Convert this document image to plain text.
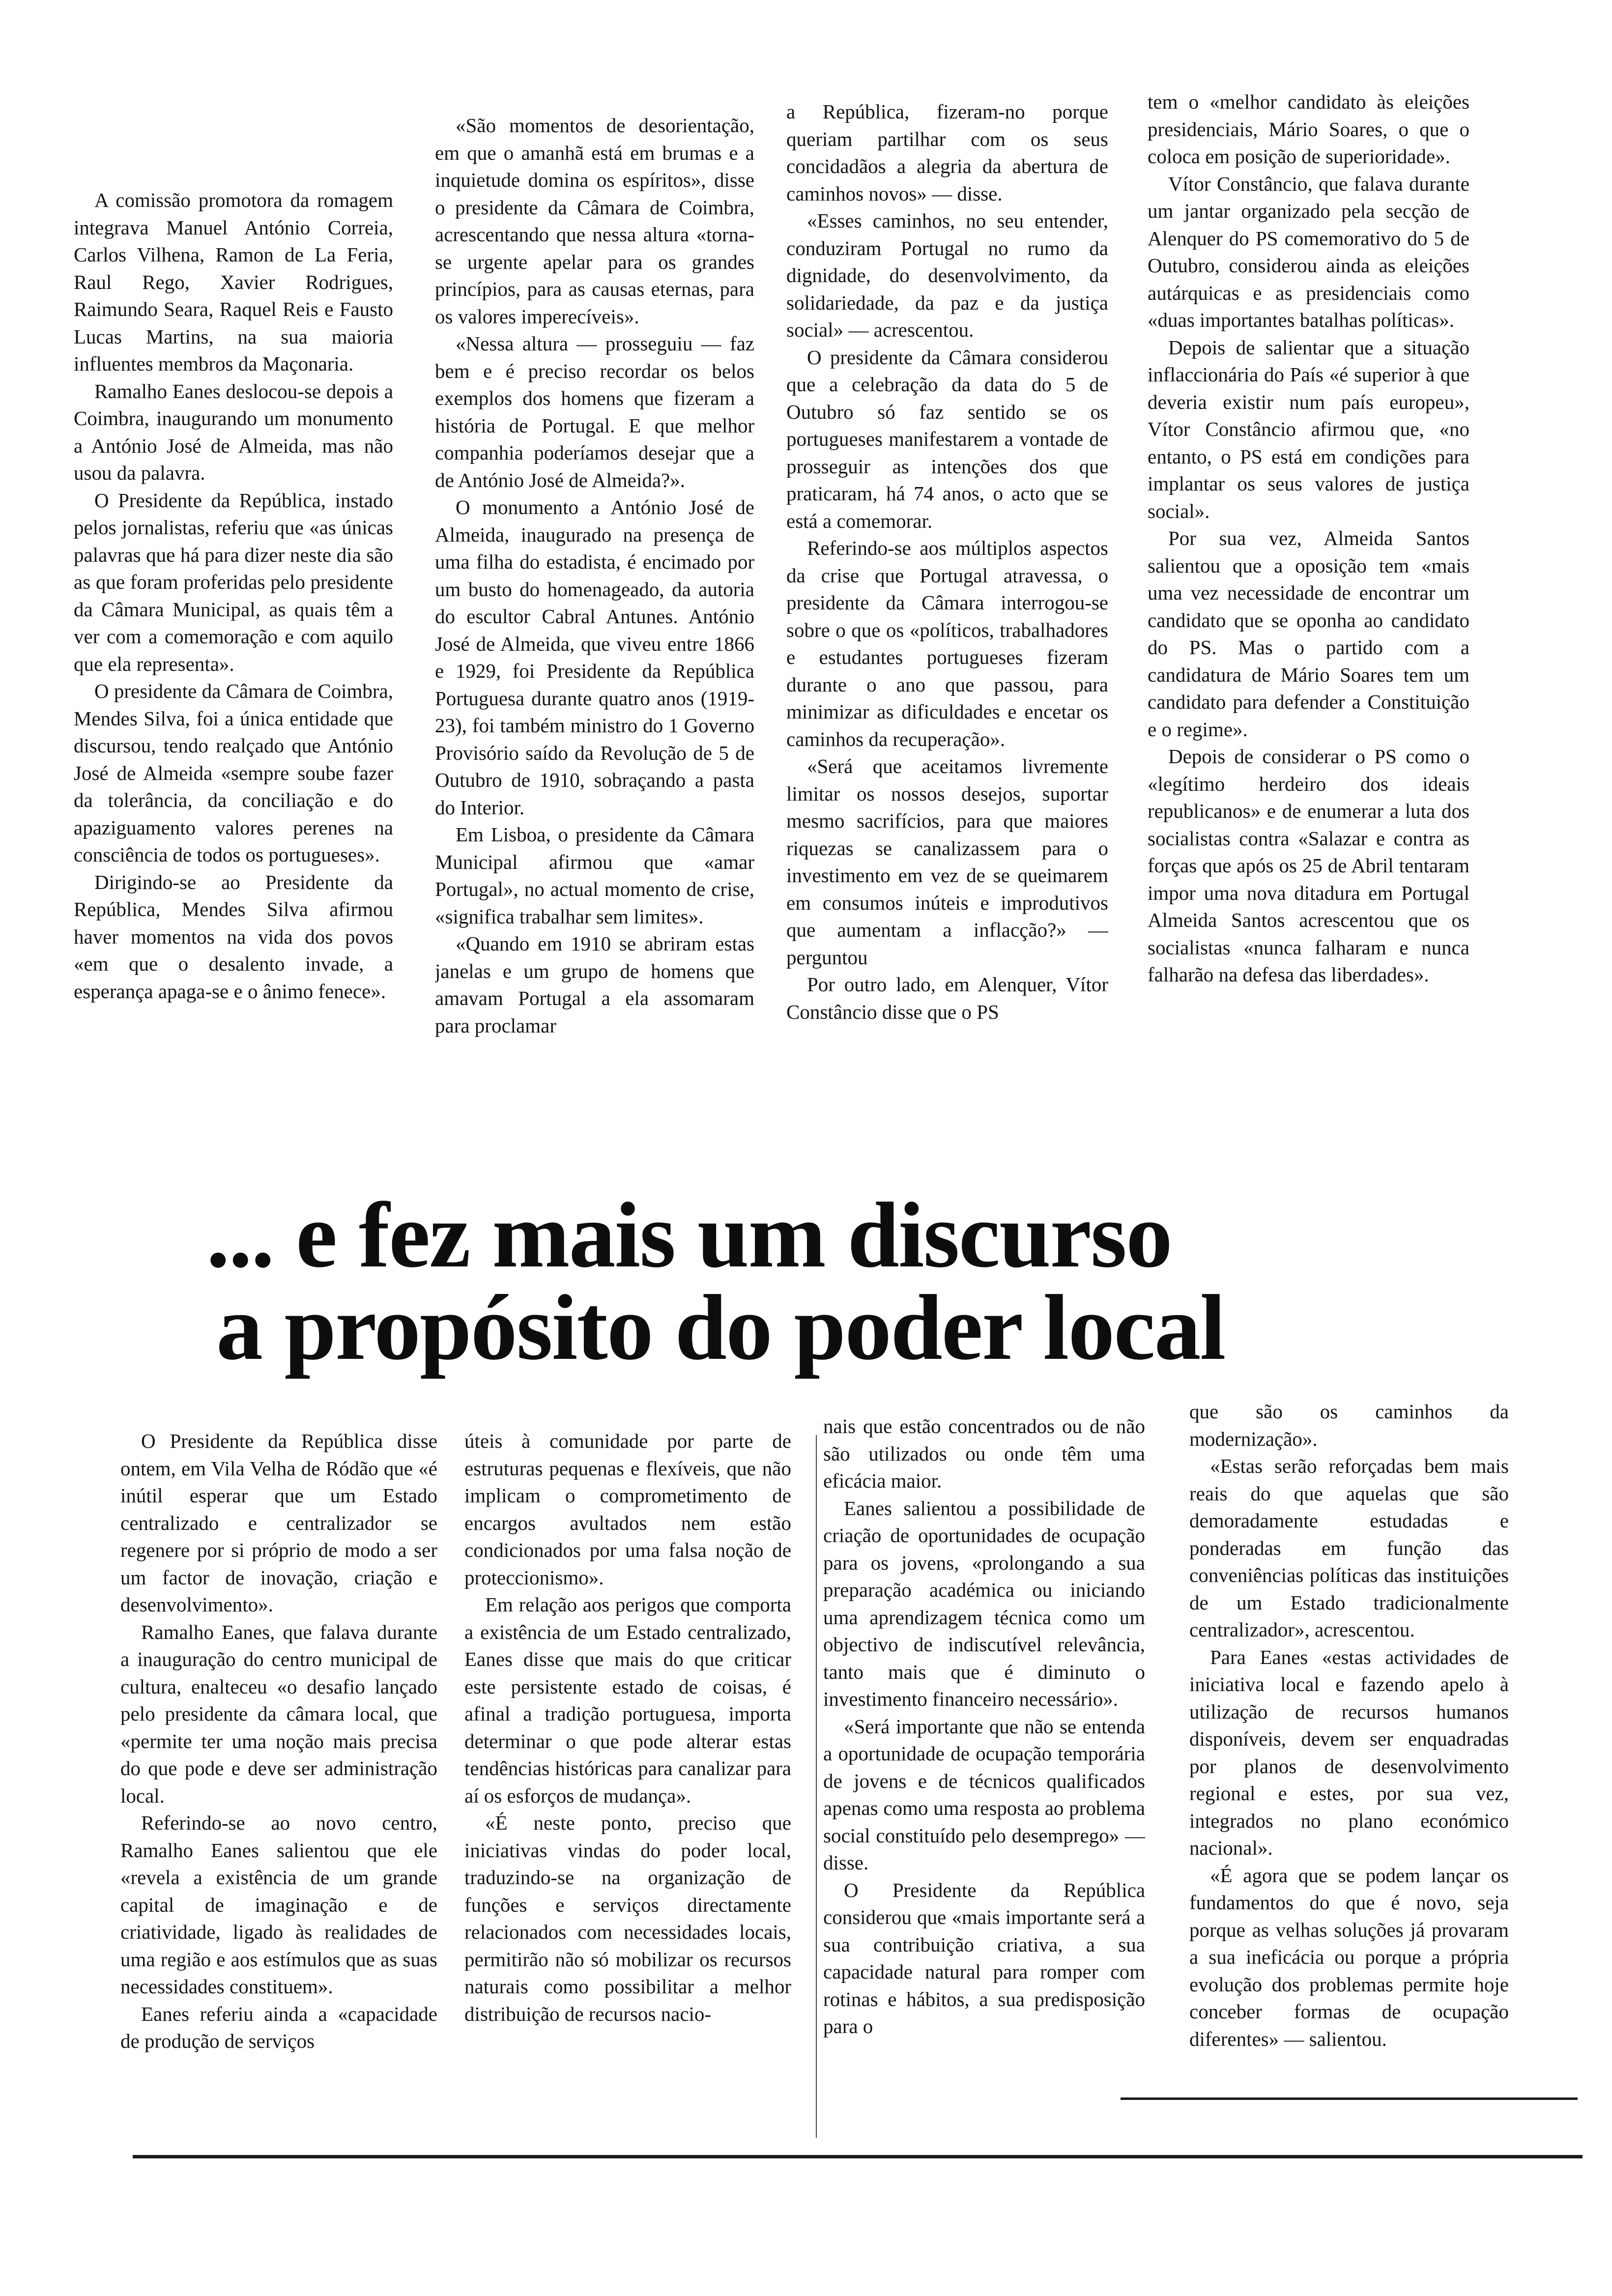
A comissão promotora da romagem integrava Manuel António Correia, Carlos Vilhena, Ramon de La Feria, Raul Rego, Xavier Rodrigues, Raimundo Seara, Raquel Reis e Fausto Lucas Martins, na sua maioria influentes membros da Maçonaria.

Ramalho Eanes deslocou-se depois a Coimbra, inaugurando um monumento a António José de Almeida, mas não usou da palavra.

O Presidente da República, instado pelos jornalistas, referiu que «as únicas palavras que há para dizer neste dia são as que foram proferidas pelo presidente da Câmara Municipal, as quais têm a ver com a comemoração e com aquilo que ela representa».

O presidente da Câmara de Coimbra, Mendes Silva, foi a única entidade que discursou, tendo realçado que António José de Almeida «sempre soube fazer da tolerância, da conciliação e do apaziguamento valores perenes na consciência de todos os portugueses».

Dirigindo-se ao Presidente da República, Mendes Silva afirmou haver momentos na vida dos povos «em que o desalento invade, a esperança apaga-se e o ânimo fenece».

«São momentos de desorientação, em que o amanhã está em brumas e a inquietude domina os espíritos», disse o presidente da Câmara de Coimbra, acrescentando que nessa altura «torna-se urgente apelar para os grandes princípios, para as causas eternas, para os valores imperecíveis».

«Nessa altura — prosseguiu — faz bem e é preciso recordar os belos exemplos dos homens que fizeram a história de Portugal. E que melhor companhia poderíamos desejar que a de António José de Almeida?».

O monumento a António José de Almeida, inaugurado na presença de uma filha do estadista, é encimado por um busto do homenageado, da autoria do escultor Cabral Antunes. António José de Almeida, que viveu entre 1866 e 1929, foi Presidente da República Portuguesa durante quatro anos (1919-23), foi também ministro do 1 Governo Provisório saído da Revolução de 5 de Outubro de 1910, sobraçando a pasta do Interior.

Em Lisboa, o presidente da Câmara Municipal afirmou que «amar Portugal», no actual momento de crise, «significa trabalhar sem limites».

«Quando em 1910 se abriram estas janelas e um grupo de homens que amavam Portugal a ela assomaram para proclamar

a República, fizeram-no porque queriam partilhar com os seus concidadãos a alegria da abertura de caminhos novos» — disse.

«Esses caminhos, no seu entender, conduziram Portugal no rumo da dignidade, do desenvolvimento, da solidariedade, da paz e da justiça social» — acrescentou.

O presidente da Câmara considerou que a celebração da data do 5 de Outubro só faz sentido se os portugueses manifestarem a vontade de prosseguir as intenções dos que praticaram, há 74 anos, o acto que se está a comemorar.

Referindo-se aos múltiplos aspectos da crise que Portugal atravessa, o presidente da Câmara interrogou-se sobre o que os «políticos, trabalhadores e estudantes portugueses fizeram durante o ano que passou, para minimizar as dificuldades e encetar os caminhos da recuperação».

«Será que aceitamos livremente limitar os nossos desejos, suportar mesmo sacrifícios, para que maiores riquezas se canalizassem para o investimento em vez de se queimarem em consumos inúteis e improdutivos que aumentam a inflacção?» — perguntou

Por outro lado, em Alenquer, Vítor Constâncio disse que o PS

tem o «melhor candidato às eleições presidenciais, Mário Soares, o que o coloca em posição de superioridade».

Vítor Constâncio, que falava durante um jantar organizado pela secção de Alenquer do PS comemorativo do 5 de Outubro, considerou ainda as eleições autárquicas e as presidenciais como «duas importantes batalhas políticas».

Depois de salientar que a situação inflaccionária do País «é superior à que deveria existir num país europeu», Vítor Constâncio afirmou que, «no entanto, o PS está em condições para implantar os seus valores de justiça social».

Por sua vez, Almeida Santos salientou que a oposição tem «mais uma vez necessidade de encontrar um candidato que se oponha ao candidato do PS. Mas o partido com a candidatura de Mário Soares tem um candidato para defender a Constituição e o regime».

Depois de considerar o PS como o «legítimo herdeiro dos ideais republicanos» e de enumerar a luta dos socialistas contra «Salazar e contra as forças que após os 25 de Abril tentaram impor uma nova ditadura em Portugal Almeida Santos acrescentou que os socialistas «nunca falharam e nunca falharão na defesa das liberdades».

... e fez mais um discurso
a propósito do poder local

O Presidente da República disse ontem, em Vila Velha de Ródão que «é inútil esperar que um Estado centralizado e centralizador se regenere por si próprio de modo a ser um factor de inovação, criação e desenvolvimento».

Ramalho Eanes, que falava durante a inauguração do centro municipal de cultura, enalteceu «o desafio lançado pelo presidente da câmara local, que «permite ter uma noção mais precisa do que pode e deve ser administração local.

Referindo-se ao novo centro, Ramalho Eanes salientou que ele «revela a existência de um grande capital de imaginação e de criatividade, ligado às realidades de uma região e aos estímulos que as suas necessidades constituem».

Eanes referiu ainda a «capacidade de produção de serviços

úteis à comunidade por parte de estruturas pequenas e flexíveis, que não implicam o comprometimento de encargos avultados nem estão condicionados por uma falsa noção de proteccionismo».

Em relação aos perigos que comporta a existência de um Estado centralizado, Eanes disse que mais do que criticar este persistente estado de coisas, é afinal a tradição portuguesa, importa determinar o que pode alterar estas tendências históricas para canalizar para aí os esforços de mudança».

«É neste ponto, preciso que iniciativas vindas do poder local, traduzindo-se na organização de funções e serviços directamente relacionados com necessidades locais, permitirão não só mobilizar os recursos naturais como possibilitar a melhor distribuição de recursos nacio-

nais que estão concentrados ou de não são utilizados ou onde têm uma eficácia maior.

Eanes salientou a possibilidade de criação de oportunidades de ocupação para os jovens, «prolongando a sua preparação académica ou iniciando uma aprendizagem técnica como um objectivo de indiscutível relevância, tanto mais que é diminuto o investimento financeiro necessário».

«Será importante que não se entenda a oportunidade de ocupação temporária de jovens e de técnicos qualificados apenas como uma resposta ao problema social constituído pelo desemprego» — disse.

O Presidente da República considerou que «mais importante será a sua contribuição criativa, a sua capacidade natural para romper com rotinas e hábitos, a sua predisposição para o

que são os caminhos da modernização».

«Estas serão reforçadas bem mais reais do que aquelas que são demoradamente estudadas e ponderadas em função das conveniências políticas das instituições de um Estado tradicionalmente centralizador», acrescentou.

Para Eanes «estas actividades de iniciativa local e fazendo apelo à utilização de recursos humanos disponíveis, devem ser enquadradas por planos de desenvolvimento regional e estes, por sua vez, integrados no plano económico nacional».

«É agora que se podem lançar os fundamentos do que é novo, seja porque as velhas soluções já provaram a sua ineficácia ou porque a própria evolução dos problemas permite hoje conceber formas de ocupação diferentes» — salientou.
